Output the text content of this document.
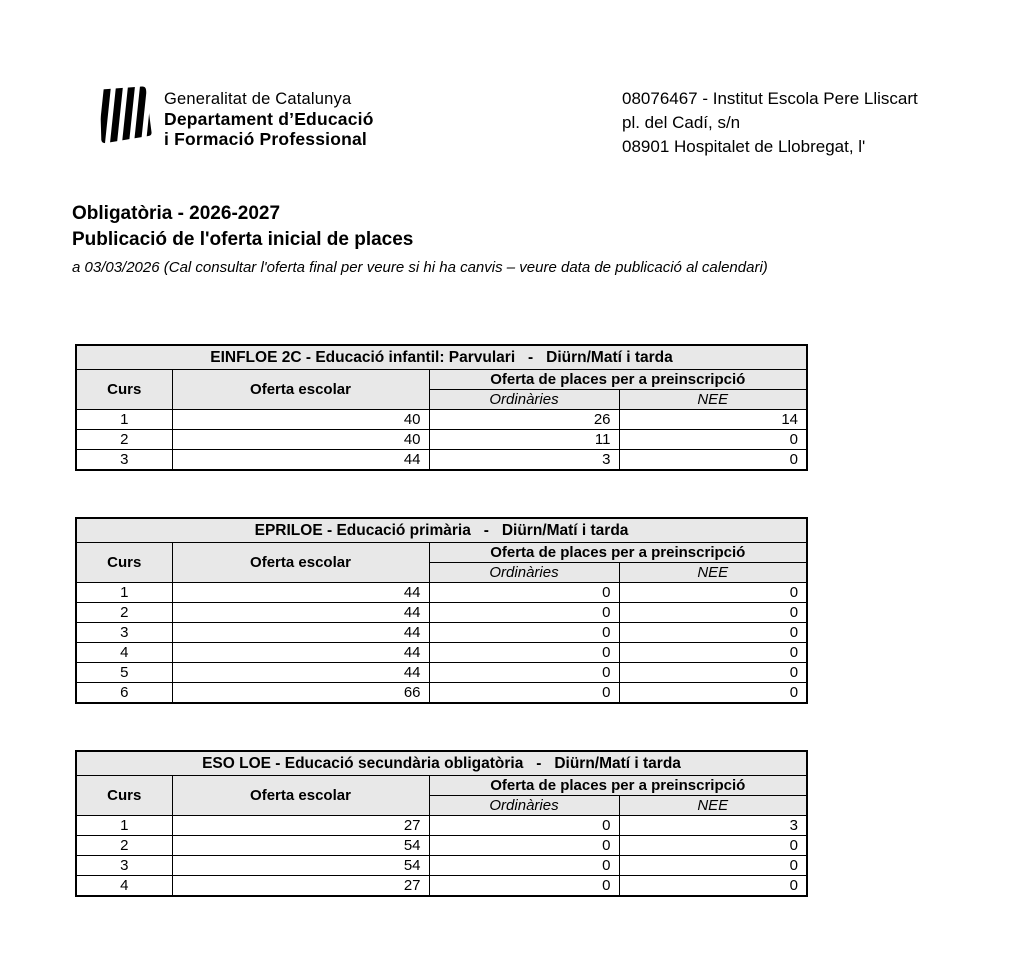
Generalitat de Catalunya
Departament d’Educació
i Formació Professional
08076467 - Institut Escola Pere Lliscart
pl. del Cadí, s/n
08901 Hospitalet de Llobregat, l'
Obligatòria - 2026-2027
Publicació de l'oferta inicial de places
a 03/03/2026 (Cal consultar l'oferta final per veure si hi ha canvis – veure data de publicació al calendari)
EINFLOE 2C - Educació infantil: Parvulari   -   Diürn/Matí i tarda			
Curs	Oferta escolar	Oferta de places per a preinscripció	
		Ordinàries	NEE
1	40	26	14
2	40	11	0
3	44	3	0
EPRILOE - Educació primària   -   Diürn/Matí i tarda			
Curs	Oferta escolar	Oferta de places per a preinscripció	
		Ordinàries	NEE
1	44	0	0
2	44	0	0
3	44	0	0
4	44	0	0
5	44	0	0
6	66	0	0
ESO LOE - Educació secundària obligatòria   -   Diürn/Matí i tarda			
Curs	Oferta escolar	Oferta de places per a preinscripció	
		Ordinàries	NEE
1	27	0	3
2	54	0	0
3	54	0	0
4	27	0	0
